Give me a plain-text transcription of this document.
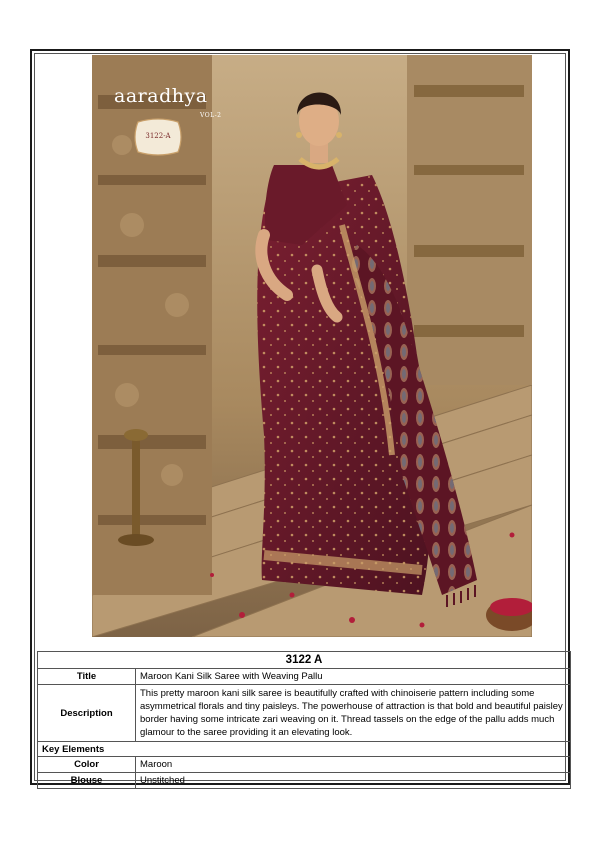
aaradhya
VOL-2
3122-A
3122 A	
Title	Maroon Kani Silk Saree with Weaving Pallu
Description	This pretty maroon kani silk saree is beautifully crafted with chinoiserie pattern including some asymmetrical florals and tiny paisleys. The powerhouse of attraction is that bold and beautiful paisley border having some intricate zari weaving on it. Thread tassels on the edge of the pallu adds much glamour to the saree providing it an elevating look.
Key Elements	
Color	Maroon
Blouse	Unstitched
